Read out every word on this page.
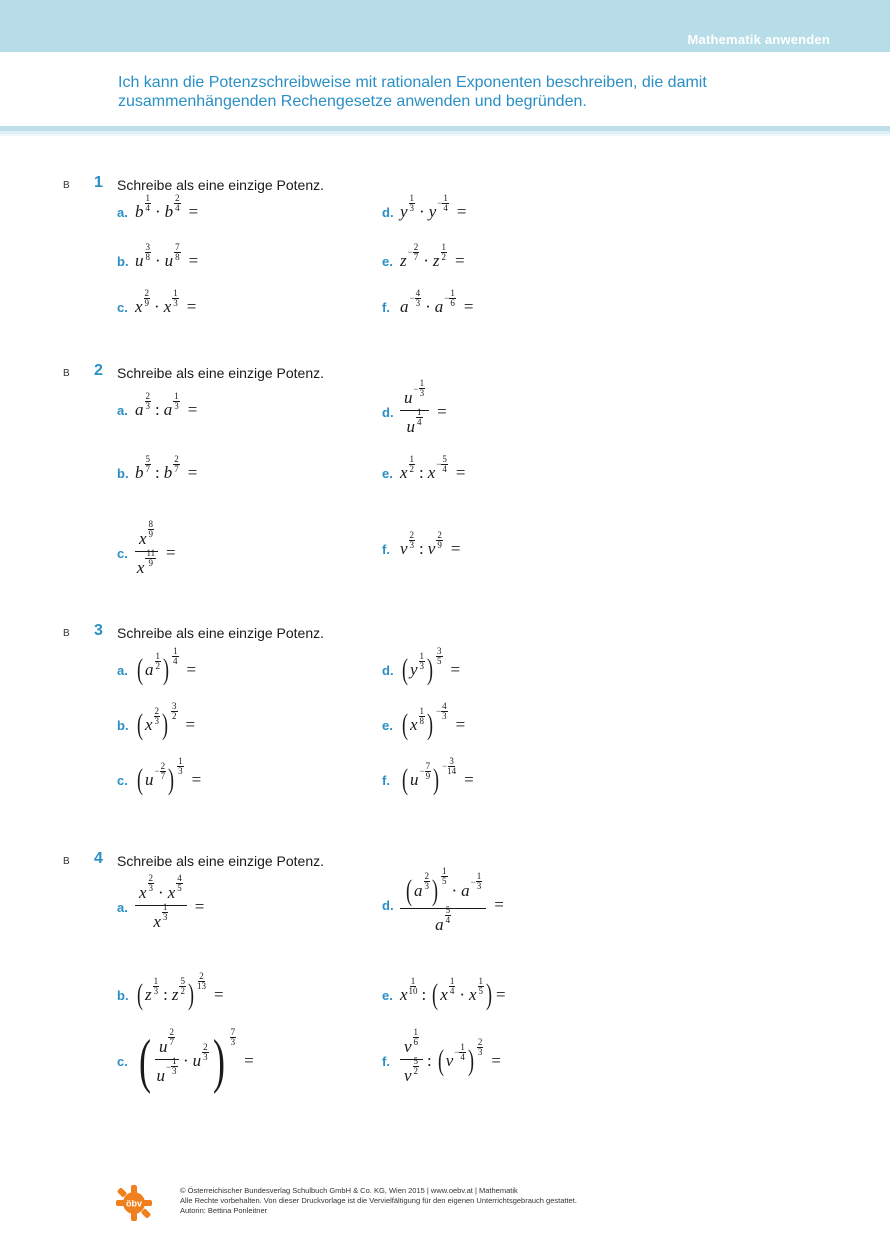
Mathematik anwenden
Ich kann die Potenzschreibweise mit rationalen Exponenten beschreiben, die damit zusammenhängenden Rechengesetze anwenden und begründen.
B 1 Schreibe als eine einzige Potenz.
a. b
1
4 · b
2
4 =
b. u
3
8 · u
7
8 =
c. x
2
9 · x
1
3 =
d. y
1
3 · y −
1
4 =
e. z −
2
7 · z
1
2 =
f. a −
4
3 · a −
1
6 =
B 2 Schreibe als eine einzige Potenz.
a. a
2
3 : a
1
3 =
b. b
5
7 : b
2
7 =
c. x
8
9
x
11
9 =
d. u −
1
3
u
1
4 =
e. x
1
2 : x −
5
4 =
f. v
2
3 : v
2
9 =
B 3 Schreibe als eine einzige Potenz.
a. ( a
1
2 )
1
4 =
b. ( x
2
3 )
3
2 =
c. ( u −
2
7 )
1
3 =
d. ( y
1
3 )
3
5 =
e. ( x
1
8 ) −
4
3 =
f. ( u −
7
9 ) −
3
14 =
B 4 Schreibe als eine einzige Potenz.
a. x
2
3 · x
4
5
x
1
3 =
b. ( z
1
3 : z
5
2 )
2
13 =
c. ( u
2
7
u −
1
3
· u
2
3 ) 7
3
=
d. ( a
2
3 )
1
5 · a −
1
3
a
5
4 =
e. x
1
10 : ( x
1
4 · x
1
5 ) =
f.
v
1
6
v
5
2
: ( v −
1
4 )
2
3 =
öbv
© Österreichischer Bundesverlag Schulbuch GmbH & Co. KG, Wien 2015 | www.oebv.at | Mathematik
Alle Rechte vorbehalten. Von dieser Druckvorlage ist die Vervielfältigung für den eigenen Unterrichtsgebrauch gestattet.
Autorin: Bettina Ponleitner
